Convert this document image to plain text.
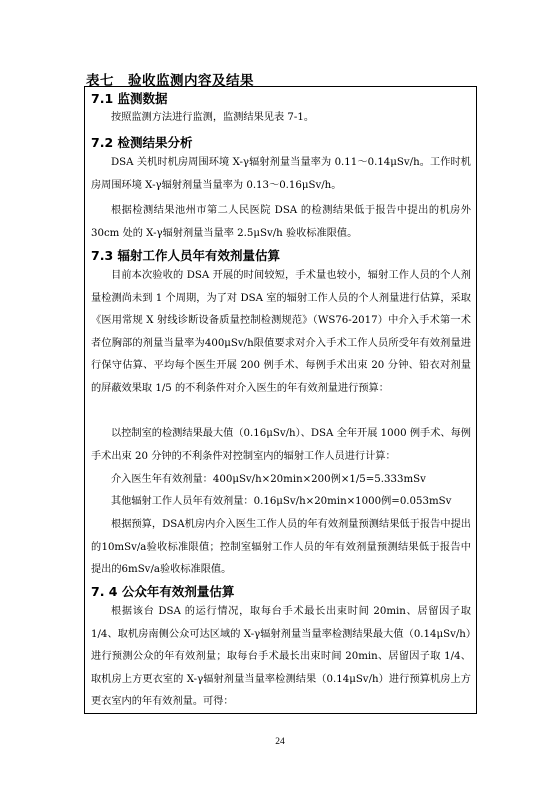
表七　验收监测内容及结果
7.1 监测数据

按照监测方法进行监测，监测结果见表 7-1。

7.2 检测结果分析

DSA 关机时机房周围环境 X-γ辐射剂量当量率为 0.11～0.14μSv/h。工作时机房周围环境 X-γ辐射剂量当量率为 0.13～0.16μSv/h。

根据检测结果池州市第二人民医院 DSA 的检测结果低于报告中提出的机房外 30cm 处的 X-γ辐射剂量当量率 2.5μSv/h 验收标准限值。

7.3 辐射工作人员年有效剂量估算

目前本次验收的 DSA 开展的时间较短，手术量也较小，辐射工作人员的个人剂量检测尚未到 1 个周期，为了对 DSA 室的辐射工作人员的个人剂量进行估算，采取《医用常规 X 射线诊断设备质量控制检测规范》（WS76-2017）中介入手术第一术者位胸部的剂量当量率为400μSv/h限值要求对介入手术工作人员所受年有效剂量进行保守估算、平均每个医生开展 200 例手术、每例手术出束 20 分钟、铅衣对剂量的屏蔽效果取 1/5 的不利条件对介入医生的年有效剂量进行预算：

以控制室的检测结果最大值（0.16μSv/h）、DSA 全年开展 1000 例手术、每例手术出束 20 分钟的不利条件对控制室内的辐射工作人员进行计算：

介入医生年有效剂量：400μSv/h×20min×200例×1/5=5.333mSv

其他辐射工作人员年有效剂量：0.16μSv/h×20min×1000例=0.053mSv

根据预算，DSA机房内介入医生工作人员的年有效剂量预测结果低于报告中提出的10mSv/a验收标准限值；控制室辐射工作人员的年有效剂量预测结果低于报告中提出的6mSv/a验收标准限值。

7. 4 公众年有效剂量估算

根据该台 DSA 的运行情况，取每台手术最长出束时间 20min、居留因子取 1/4、取机房南侧公众可达区域的 X-γ辐射剂量当量率检测结果最大值（0.14μSv/h）进行预测公众的年有效剂量；取每台手术最长出束时间 20min、居留因子取 1/4、取机房上方更衣室的 X-γ辐射剂量当量率检测结果（0.14μSv/h）进行预算机房上方更衣室内的年有效剂量。可得：

24
